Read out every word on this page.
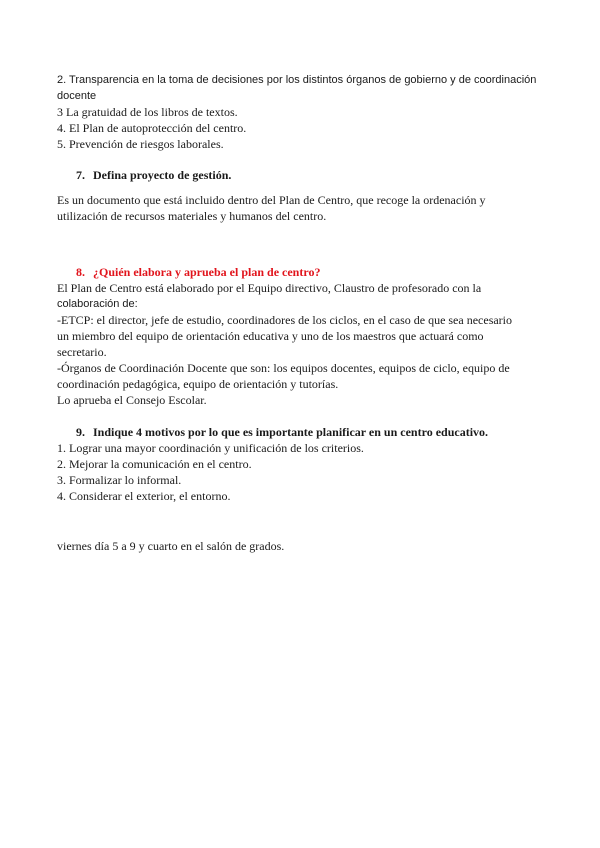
2. Transparencia en la toma de decisiones por los distintos órganos de gobierno y de coordinación
docente
3 La gratuidad de los libros de textos.
4. El Plan de autoprotección del centro.
5. Prevención de riesgos laborales.
7. Defina proyecto de gestión.
Es un documento que está incluido dentro del Plan de Centro, que recoge la ordenación y
utilización de recursos materiales y humanos del centro.
8. ¿Quién elabora y aprueba el plan de centro?
El Plan de Centro está elaborado por el Equipo directivo, Claustro de profesorado con la
colaboración de:
-ETCP: el director, jefe de estudio, coordinadores de los ciclos, en el caso de que sea necesario
un miembro del equipo de orientación educativa y uno de los maestros que actuará como
secretario.
-Órganos de Coordinación Docente que son: los equipos docentes, equipos de ciclo, equipo de
coordinación pedagógica, equipo de orientación y tutorías.
Lo aprueba el Consejo Escolar.
9. Indique 4 motivos por lo que es importante planificar en un centro educativo.
1. Lograr una mayor coordinación y unificación de los criterios.
2. Mejorar la comunicación en el centro.
3. Formalizar lo informal.
4. Considerar el exterior, el entorno.
viernes día 5 a 9 y cuarto en el salón de grados.
